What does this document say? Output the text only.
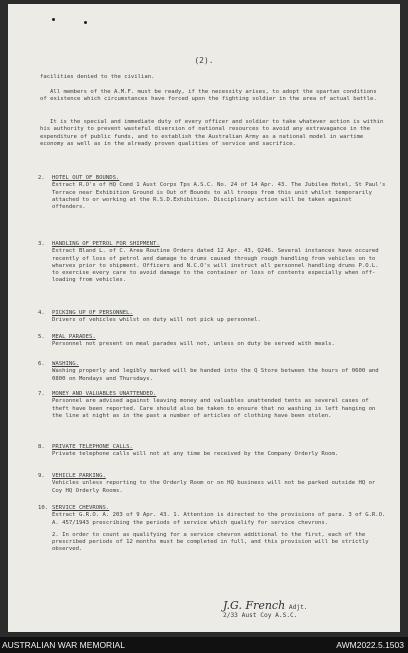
(2).

facilities denied to the civilian.

All members of the A.M.F. must be ready, if the necessity arises, to adopt the spartan conditions of existence which circumstances have forced upon the fighting soldier in the area of actual battle.

It is the special and immediate duty of every officer and soldier to take whatever action is within his authority to prevent wasteful diversion of national resources to avoid any extravagance in the expenditure of public funds, and to establish the Australian Army as a national model in wartime economy as well as in the already proven qualities of service and sacrifice.

2.	HOTEL OUT OF BOUNDS.
Extract R.O's of HQ Comd 1 Aust Corps Tps A.S.C. No. 24 of 14 Apr. 43. The Jubilee Hotel, St Paul's Terrace near Exhibition Ground is Out of Bounds to all troops from this unit whilst temporarily attached to or working at the R.S.D.Exhibition. Disciplinary action will be taken against offenders.
3.	HANDLING OF PETROL FOR SHIPMENT.
Extract Bland L. of C. Area Routine Orders dated 12 Apr. 43, Q246. Several instances have occured recently of loss of petrol and damage to drums caused through rough handling from vehicles on to wharves prior to shipment. Officers and N.C.O's will instruct all personnel handling drums P.O.L. to exercise every care to avoid damage to the container or loss of contents especially when off-loading from vehicles.
4.	PICKING UP OF PERSONNEL.
Drivers of vehicles whilst on duty will not pick up personnel.
5.	MEAL PARADES.
Personnel not present on meal parades will not, unless on duty be served with meals.
6.	WASHING.
Washing properly and legibly marked will be handed into the Q Store between the hours of 0600 and 0800 on Mondays and Thursdays.
7.	MONEY AND VALUABLES UNATTENDED.
Personnel are advised against leaving money and valuables unattended tents as several cases of theft have been reported. Care should also be taken to ensure that no washing is left hanging on the line at night as in the past a number of articles of clothing have been stolen.
8.	PRIVATE TELEPHONE CALLS.
Private telephone calls will not at any time be received by the Company Orderly Room.
9.	VEHICLE PARKING.
Vehicles unless reporting to the Orderly Room or on HQ business will not be parked outside HQ or Coy HQ Orderly Rooms.
10. SERVICE CHEVRONS.
Extract G.R.O. A. 203 of 9 Apr. 43. 1. Attention is directed to the provisions of para. 3 of G.R.O. A. 457/1943 prescribing the periods of service which qualify for service chevrons.
2. In order to count as qualifying for a service chevron additional to the first, each of the prescribed periods of 12 months must be completed in full, and this provision will be strictly observed.
J.G. French Adjt.
2/33 Aust Coy A.S.C.
AUSTRALIAN WAR MEMORIAL	AWM2022.5.1503
